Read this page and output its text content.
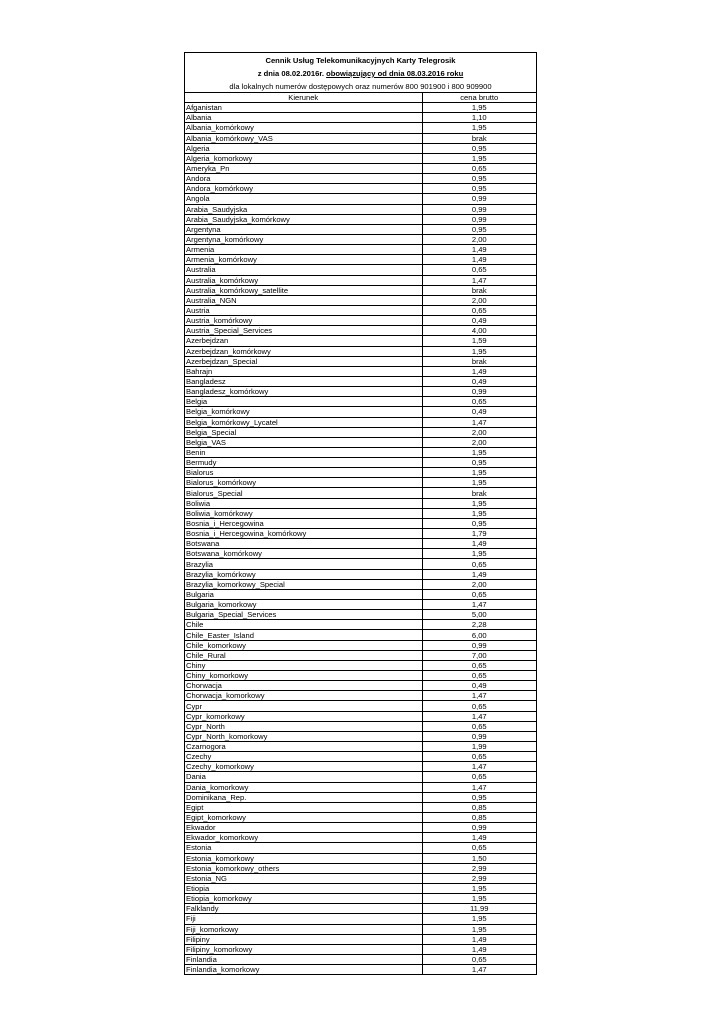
Cennik Usług Telekomunikacyjnych Karty Telegrosik
z dnia 08.02.2016r. obowiązujący od dnia 08.03.2016 roku
dla lokalnych numerów dostępowych oraz numerów 800 901900 i 800 909900
Kierunek	cena brutto
Afganistan	1,95
Albania	1,10
Albania_komórkowy	1,95
Albania_komórkowy_VAS	brak
Algeria	0,95
Algeria_komorkowy	1,95
Ameryka_Pn	0,65
Andora	0,95
Andora_komórkowy	0,95
Angola	0,99
Arabia_Saudyjska	0,99
Arabia_Saudyjska_komórkowy	0,99
Argentyna	0,95
Argentyna_komórkowy	2,00
Armenia	1,49
Armenia_komórkowy	1,49
Australia	0,65
Australia_komórkowy	1,47
Australia_komórkowy_satellite	brak
Australia_NGN	2,00
Austria	0,65
Austria_komórkowy	0,49
Austria_Special_Services	4,00
Azerbejdzan	1,59
Azerbejdzan_komórkowy	1,95
Azerbejdzan_Special	brak
Bahrajn	1,49
Bangladesz	0,49
Bangladesz_komórkowy	0,99
Belgia	0,65
Belgia_komórkowy	0,49
Belgia_komórkowy_Lycatel	1,47
Belgia_Special	2,00
Belgia_VAS	2,00
Benin	1,95
Bermudy	0,95
Bialorus	1,95
Bialorus_komórkowy	1,95
Bialorus_Special	brak
Boliwia	1,95
Boliwia_komórkowy	1,95
Bosnia_i_Hercegowina	0,95
Bosnia_i_Hercegowina_komórkowy	1,79
Botswana	1,49
Botswana_komórkowy	1,95
Brazylia	0,65
Brazylia_komórkowy	1,49
Brazylia_komorkowy_Special	2,00
Bulgaria	0,65
Bulgaria_komorkowy	1,47
Bulgaria_Special_Services	5,00
Chile	2,28
Chile_Easter_Island	6,00
Chile_komorkowy	0,99
Chile_Rural	7,00
Chiny	0,65
Chiny_komorkowy	0,65
Chorwacja	0,49
Chorwacja_komorkowy	1,47
Cypr	0,65
Cypr_komorkowy	1,47
Cypr_North	0,65
Cypr_North_komorkowy	0,99
Czarnogora	1,99
Czechy	0,65
Czechy_komorkowy	1,47
Dania	0,65
Dania_komorkowy	1,47
Dominikana_Rep.	0,95
Egipt	0,85
Egipt_komorkowy	0,85
Ekwador	0,99
Ekwador_komorkowy	1,49
Estonia	0,65
Estonia_komorkowy	1,50
Estonia_komorkowy_others	2,99
Estonia_NG	2,99
Etiopia	1,95
Etiopia_komorkowy	1,95
Falklandy	11,99
Fiji	1,95
Fiji_komorkowy	1,95
Filipiny	1,49
Filipiny_komorkowy	1,49
Finlandia	0,65
Finlandia_komorkowy	1,47
